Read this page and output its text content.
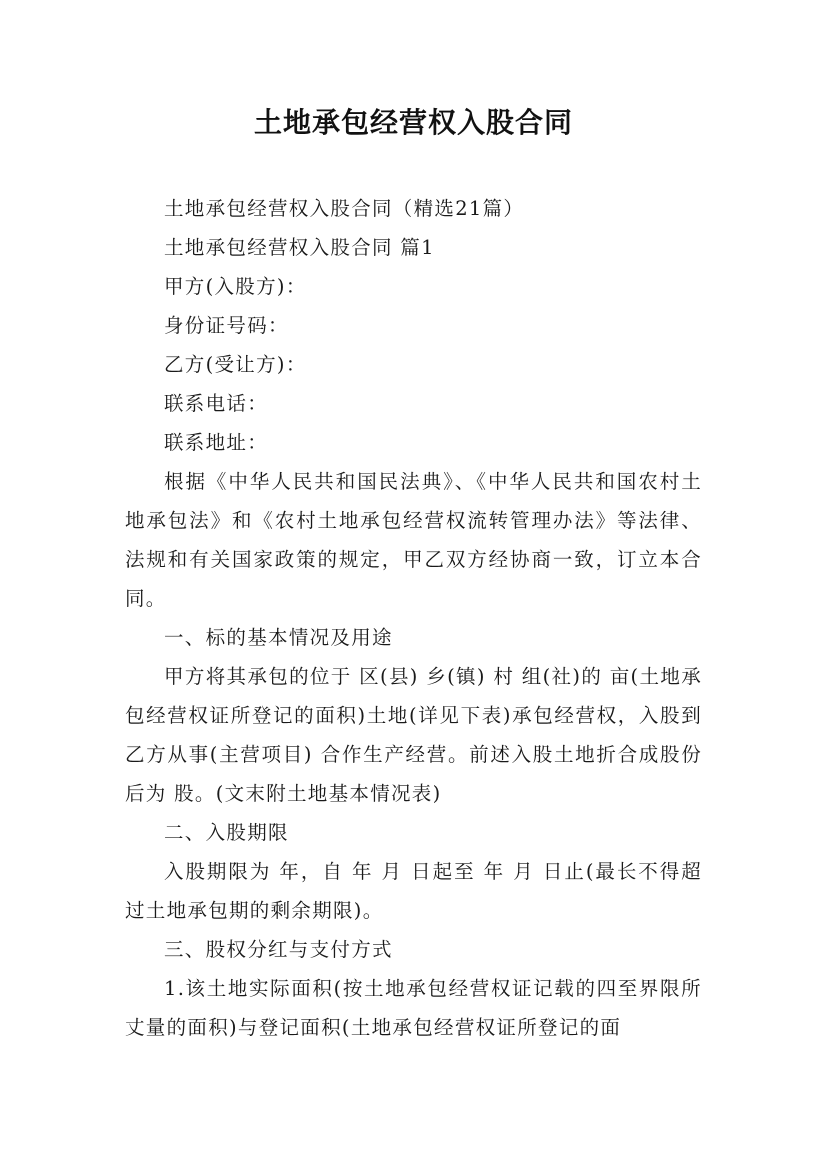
土地承包经营权入股合同

土地承包经营权入股合同（精选21篇）

土地承包经营权入股合同 篇1

甲方(入股方)：

身份证号码：

乙方(受让方)：

联系电话：

联系地址：

根据《中华人民共和国民法典》、《中华人民共和国农村土地承包法》和《农村土地承包经营权流转管理办法》等法律、法规和有关国家政策的规定，甲乙双方经协商一致，订立本合同。

一、标的基本情况及用途

甲方将其承包的位于 区(县) 乡(镇) 村 组(社)的 亩(土地承包经营权证所登记的面积)土地(详见下表)承包经营权，入股到乙方从事(主营项目) 合作生产经营。前述入股土地折合成股份后为 股。(文末附土地基本情况表)

二、入股期限

入股期限为 年，自 年 月 日起至 年 月 日止(最长不得超过土地承包期的剩余期限)。

三、股权分红与支付方式

1.该土地实际面积(按土地承包经营权证记载的四至界限所丈量的面积)与登记面积(土地承包经营权证所登记的面
